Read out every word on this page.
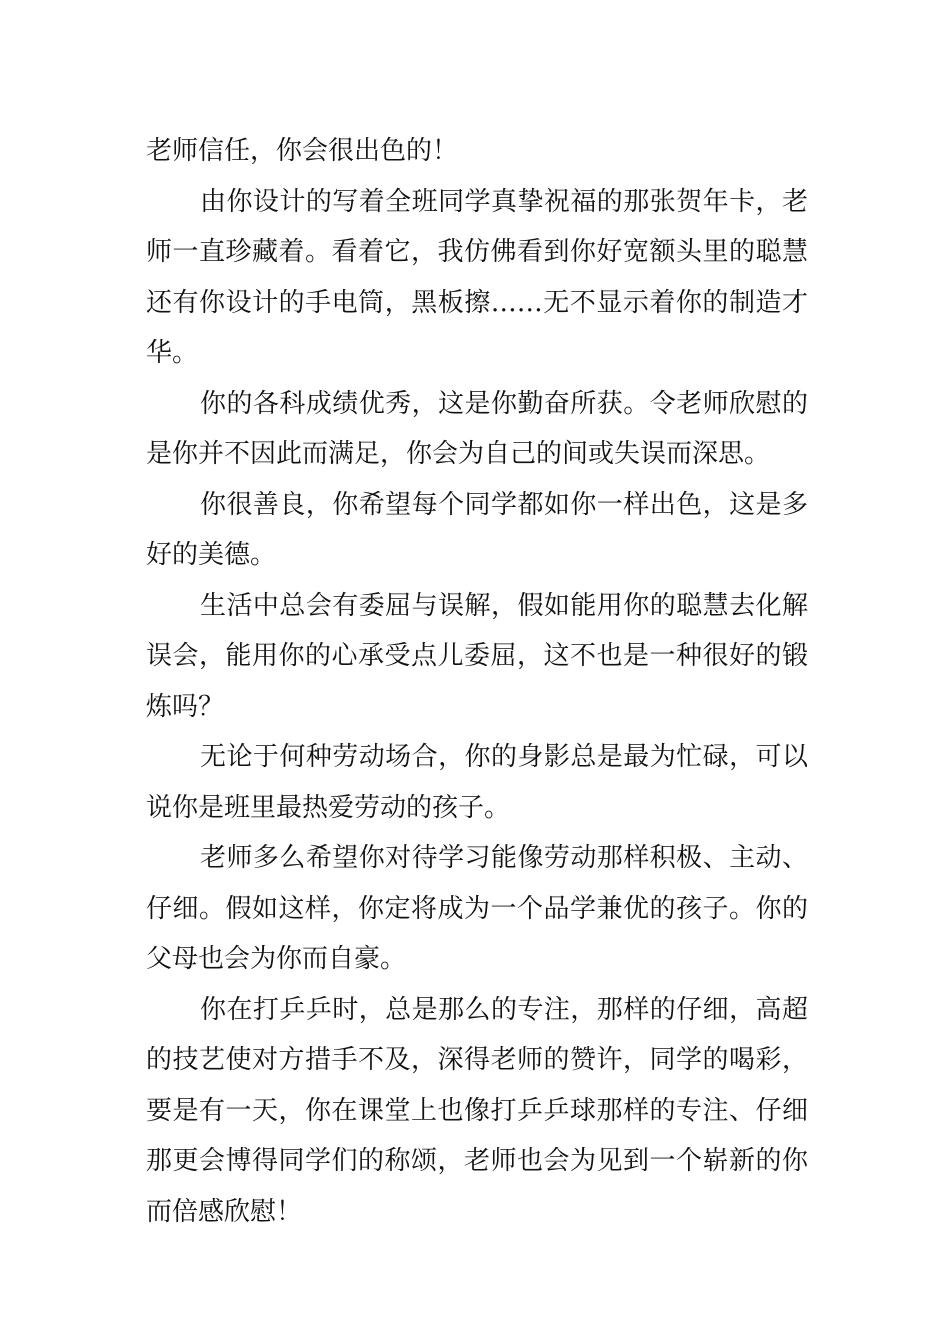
老师信任，你会很出色的！

由你设计的写着全班同学真挚祝福的那张贺年卡，老师一直珍藏着。看着它，我仿佛看到你好宽额头里的聪慧还有你设计的手电筒，黑板擦……无不显示着你的制造才华。

你的各科成绩优秀，这是你勤奋所获。令老师欣慰的是你并不因此而满足，你会为自己的间或失误而深思。

你很善良，你希望每个同学都如你一样出色，这是多好的美德。

生活中总会有委屈与误解，假如能用你的聪慧去化解误会，能用你的心承受点儿委屈，这不也是一种很好的锻炼吗？

无论于何种劳动场合，你的身影总是最为忙碌，可以说你是班里最热爱劳动的孩子。

老师多么希望你对待学习能像劳动那样积极、主动、仔细。假如这样，你定将成为一个品学兼优的孩子。你的父母也会为你而自豪。

你在打乒乒时，总是那么的专注，那样的仔细，高超的技艺使对方措手不及，深得老师的赞许，同学的喝彩，要是有一天，你在课堂上也像打乒乒球那样的专注、仔细那更会博得同学们的称颂，老师也会为见到一个崭新的你而倍感欣慰！
